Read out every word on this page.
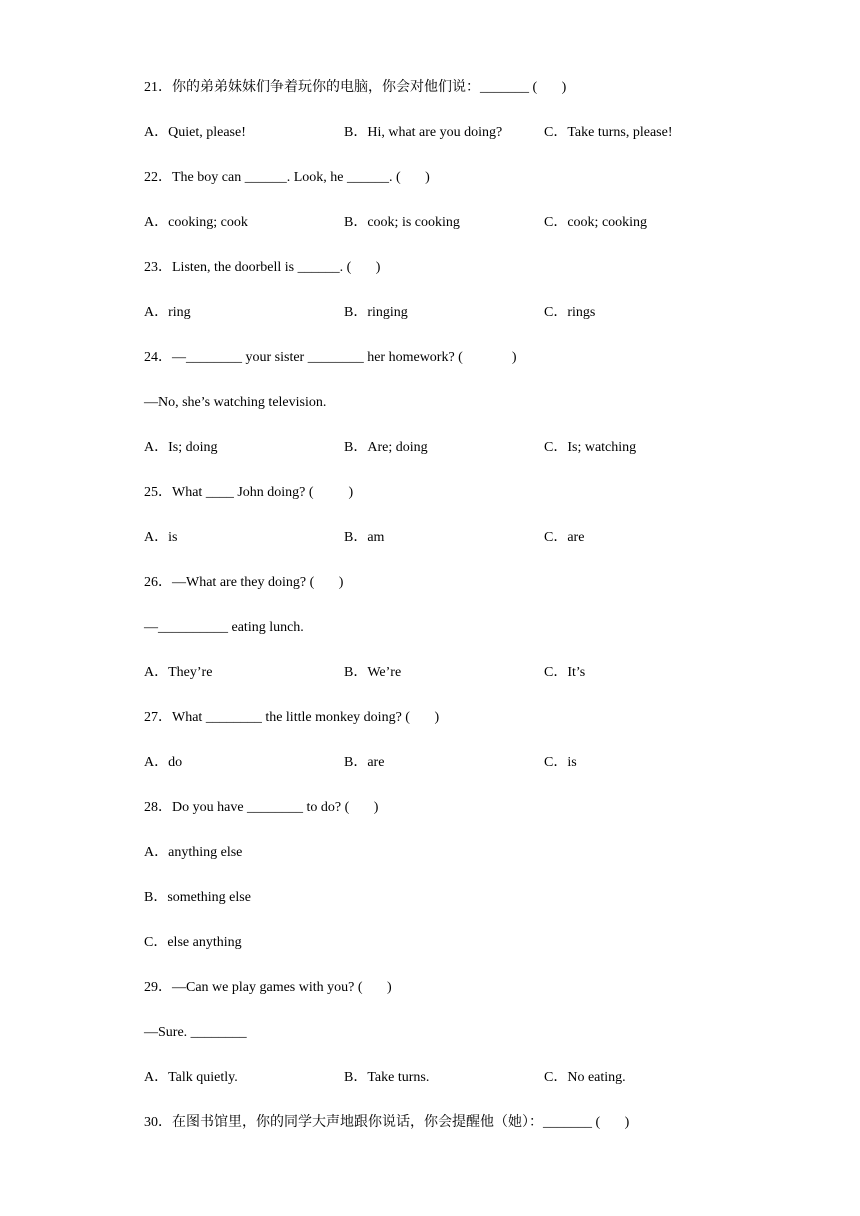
21．你的弟弟妹妹们争着玩你的电脑，你会对他们说：_______ (       )

A．Quiet, please!

	B．Hi, what are you doing?

	C．Take turns, please!

22．The boy can ______. Look, he ______. (       )

A．cooking; cook

	B．cook; is cooking

	C．cook; cooking

23．Listen, the doorbell is ______. (       )

A．ring

	B．ringing

	C．rings

24．—________ your sister ________ her homework? (              )
—No, she’s watching television.

A．Is; doing

	B．Are; doing

	C．Is; watching

25．What ____ John doing? (          )

A．is

	B．am

	C．are

26．—What are they doing? (       )
—__________ eating lunch.

A．They’re

	B．We’re

	C．It’s

27．What ________ the little monkey doing? (       )

A．do

	B．are

	C．is

28．Do you have ________ to do? (       )
A．anything else
B．something else
C．else anything
29．—Can we play games with you? (       )
—Sure. ________

A．Talk quietly.

	B．Take turns.

	C．No eating.

30．在图书馆里，你的同学大声地跟你说话，你会提醒他（她）：_______ (       )
